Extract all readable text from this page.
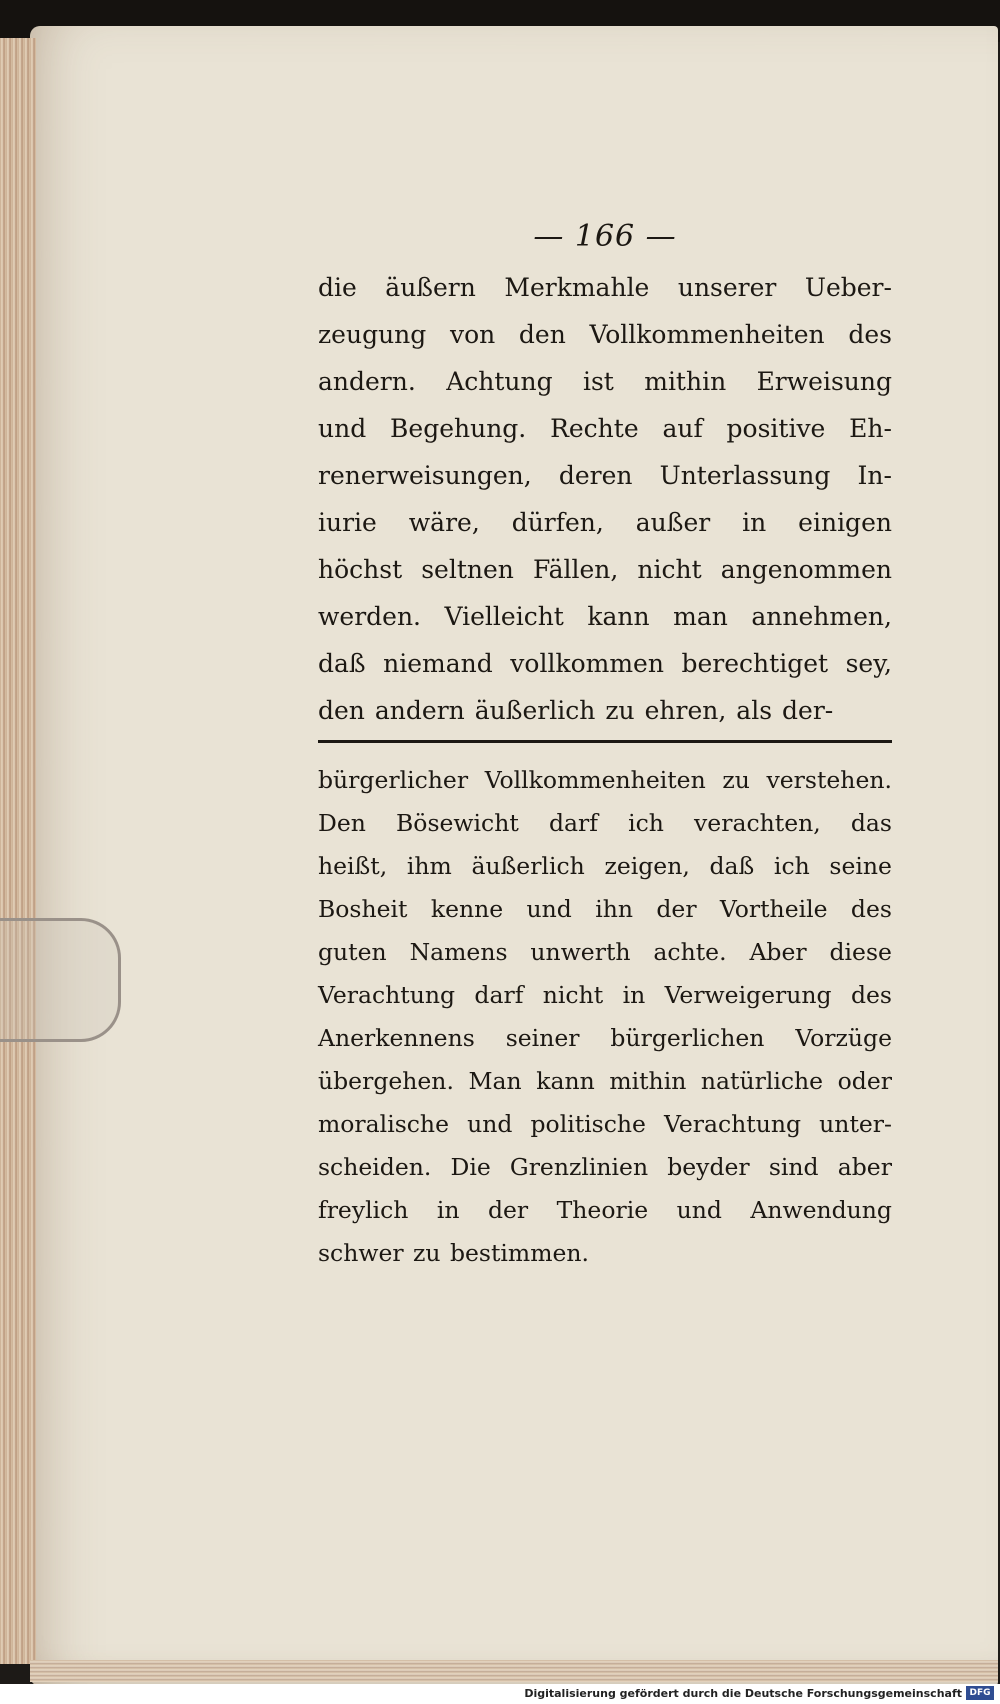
— 166 —
die äußern Merkmahle unserer Ueber-
zeugung von den Vollkommenheiten des
andern. Achtung ist mithin Erweisung
und Begehung. Rechte auf positive Eh-
renerweisungen, deren Unterlassung In-
iurie wäre, dürfen, außer in einigen
höchst seltnen Fällen, nicht angenommen
werden. Vielleicht kann man annehmen,
daß niemand vollkommen berechtiget sey,
den andern äußerlich zu ehren, als der-
bürgerlicher Vollkommenheiten zu verstehen.
Den Bösewicht darf ich verachten, das
heißt, ihm äußerlich zeigen, daß ich seine
Bosheit kenne und ihn der Vortheile des
guten Namens unwerth achte. Aber diese
Verachtung darf nicht in Verweigerung des
Anerkennens seiner bürgerlichen Vorzüge
übergehen. Man kann mithin natürliche oder
moralische und politische Verachtung unter-
scheiden. Die Grenzlinien beyder sind aber
freylich in der Theorie und Anwendung
schwer zu bestimmen.
Digitalisierung gefördert durch die Deutsche Forschungsgemeinschaft DFG
